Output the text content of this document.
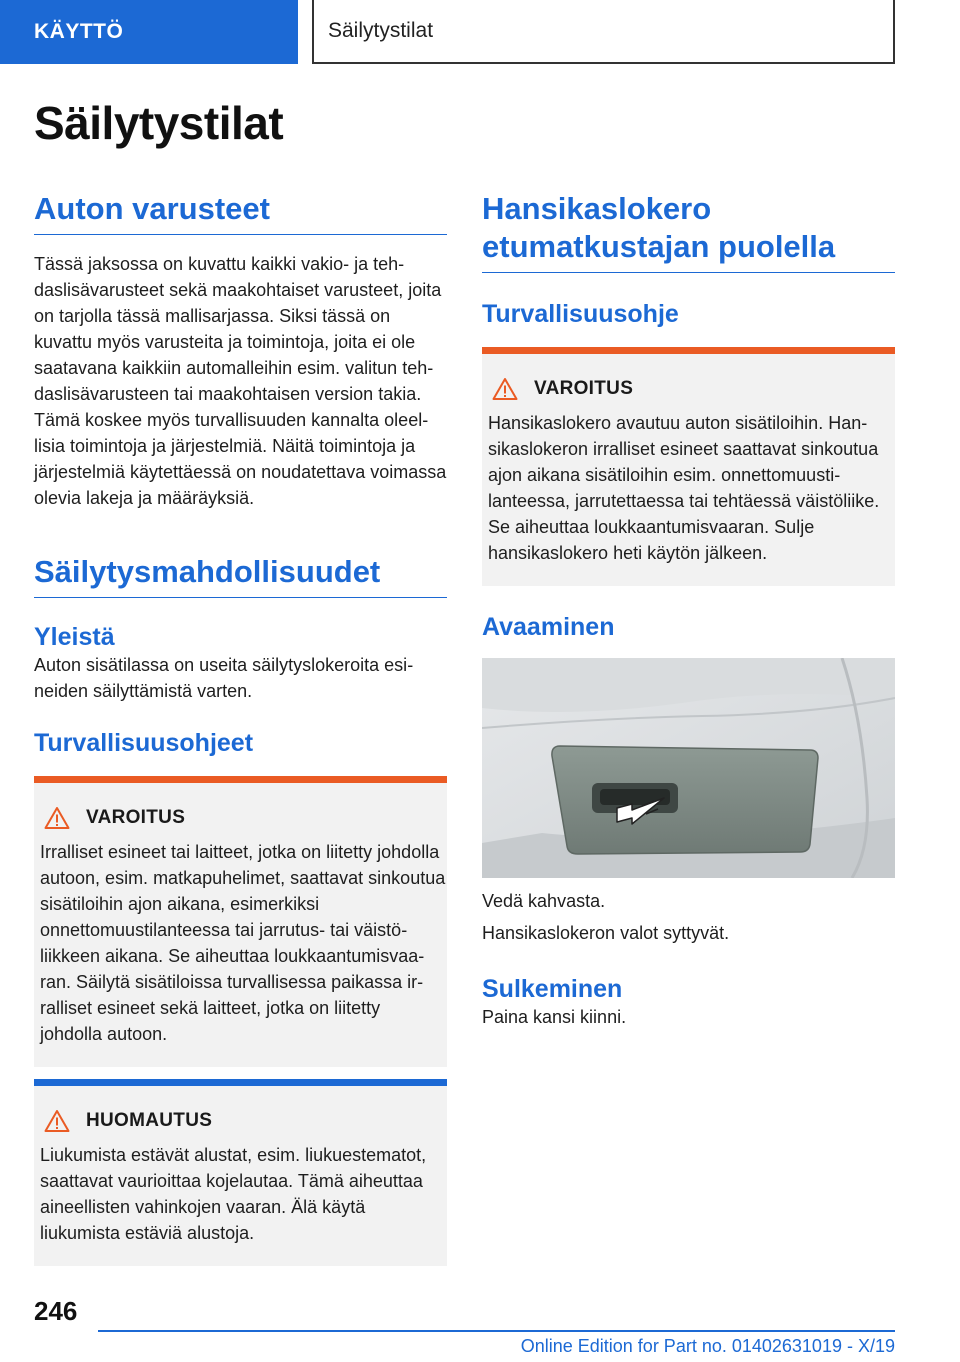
KÄYTTÖ	Säilytystilat
Säilytystilat
Auton varusteet

Tässä jaksossa on kuvattu kaikki vakio- ja tehdaslisävarusteet sekä maakohtaiset varusteet, joita on tarjolla tässä mallisarjassa. Siksi tässä on kuvattu myös varusteita ja toimintoja, joita ei ole saatavana kaikkiin automalleihin esim. valitun tehdaslisävarusteen tai maakohtaisen version takia. Tämä koskee myös turvallisuuden kannalta oleellisia toimintoja ja järjestelmiä. Näitä toimintoja ja järjestelmiä käytettäessä on noudatettava voimassa olevia lakeja ja määräyksiä.

Säilytysmahdollisuudet
Yleistä

Auton sisätilassa on useita säilytyslokeroita esineiden säilyttämistä varten.

Turvallisuusohjeet
VAROITUS

Irralliset esineet tai laitteet, jotka on liitetty johdolla autoon, esim. matkapuhelimet, saattavat sinkoutua sisätiloihin ajon aikana, esimerkiksi onnettomuustilanteessa tai jarrutus- tai väistöliikkeen aikana. Se aiheuttaa loukkaantumisvaaran. Säilytä sisätiloissa turvallisessa paikassa irralliset esineet sekä laitteet, jotka on liitetty johdolla autoon.

HUOMAUTUS

Liukumista estävät alustat, esim. liukuestematot, saattavat vaurioittaa kojelautaa. Tämä aiheuttaa aineellisten vahinkojen vaaran. Älä käytä liukumista estäviä alustoja.

Hansikaslokero etumatkustajan puolella
Turvallisuusohje
VAROITUS

Hansikaslokero avautuu auton sisätiloihin. Hansikaslokeron irralliset esineet saattavat sinkoutua ajon aikana sisätiloihin esim. onnettomuustilanteessa, jarrutettaessa tai tehtäessä väistöliike. Se aiheuttaa loukkaantumisvaaran. Sulje hansikaslokero heti käytön jälkeen.

Avaaminen

Vedä kahvasta.

Hansikaslokeron valot syttyvät.

Sulkeminen

Paina kansi kiinni.

246

Online Edition for Part no. 01402631019 - X/19
